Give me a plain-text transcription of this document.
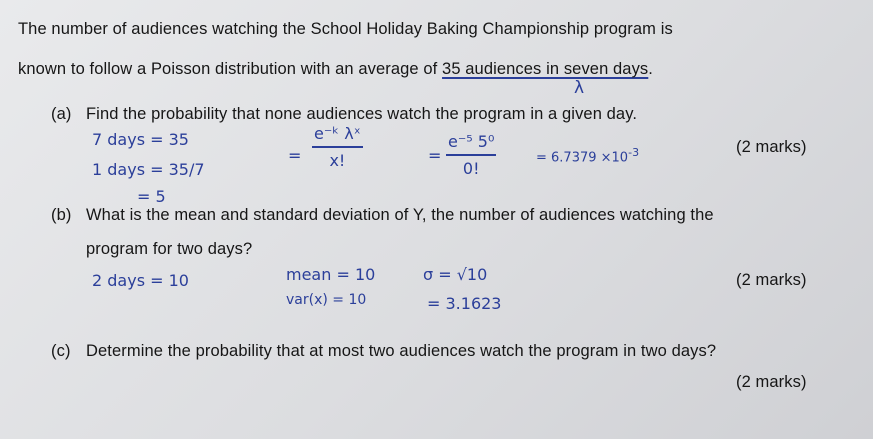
The number of audiences watching the School Holiday Baking Championship program is
known to follow a Poisson distribution with an average of 35 audiences in seven days.
λ
(a) Find the probability that none audiences watch the program in a given day.
(2 marks)
7 days = 35
1 days = 35/7
= 5
=
e⁻ᵏ λˣ
x!	=
e⁻⁵ 5⁰
0!
= $6.7379 \times 10^{-3}$
(b) What is the mean and standard deviation of Y, the number of audiences watching the
program for two days?
(2 marks)
2 days = 10	mean = 10
var(x) = 10
σ = √10
= 3.1623
(c) Determine the probability that at most two audiences watch the program in two days?
(2 marks)
